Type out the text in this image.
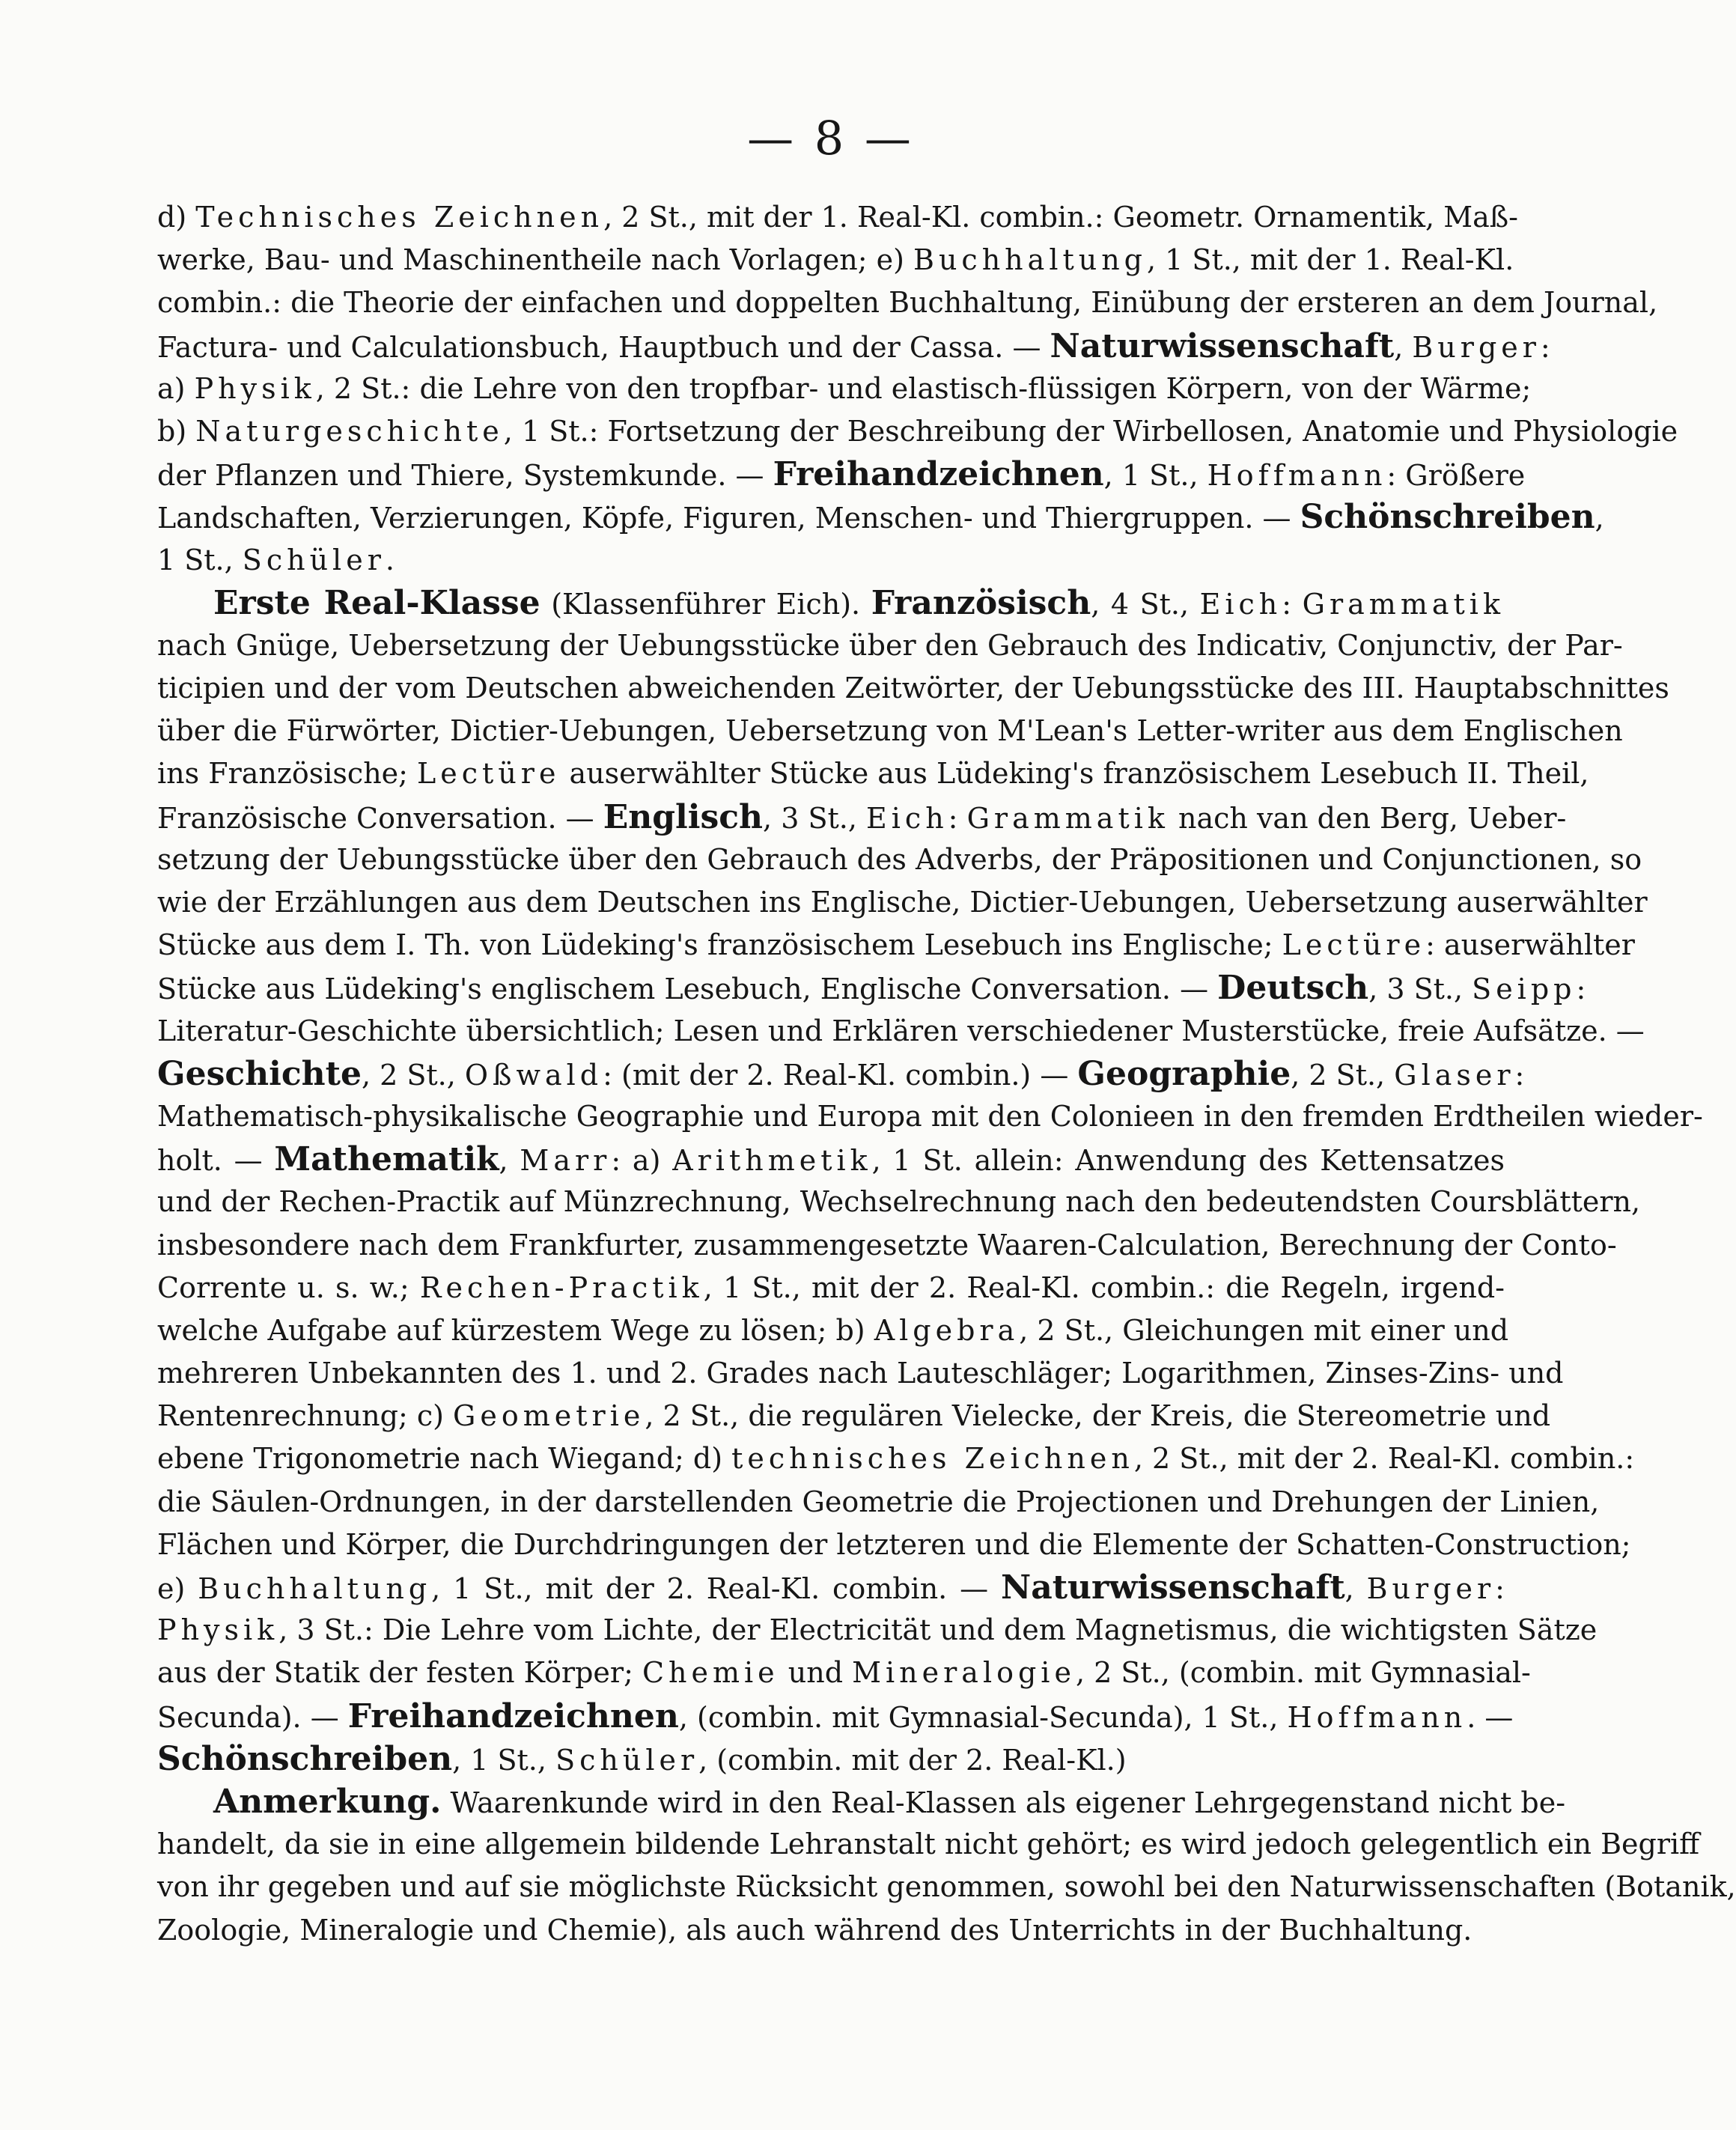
— 8 —
d) Technisches Zeichnen, 2 St., mit der 1. Real-Kl. combin.: Geometr. Ornamentik, Maß-
werke, Bau- und Maschinentheile nach Vorlagen; e) Buchhaltung, 1 St., mit der 1. Real-Kl.
combin.: die Theorie der einfachen und doppelten Buchhaltung, Einübung der ersteren an dem Journal,
Factura- und Calculationsbuch, Hauptbuch und der Cassa. — Naturwissenschaft, Burger:
a) Physik, 2 St.: die Lehre von den tropfbar- und elastisch-flüssigen Körpern, von der Wärme;
b) Naturgeschichte, 1 St.: Fortsetzung der Beschreibung der Wirbellosen, Anatomie und Physiologie
der Pflanzen und Thiere, Systemkunde. — Freihandzeichnen, 1 St., Hoffmann: Größere
Landschaften, Verzierungen, Köpfe, Figuren, Menschen- und Thiergruppen. — Schönschreiben,
1 St., Schüler.
Erste Real-Klasse (Klassenführer Eich). Französisch, 4 St., Eich: Grammatik
nach Gnüge, Uebersetzung der Uebungsstücke über den Gebrauch des Indicativ, Conjunctiv, der Par-
ticipien und der vom Deutschen abweichenden Zeitwörter, der Uebungsstücke des III. Hauptabschnittes
über die Fürwörter, Dictier-Uebungen, Uebersetzung von M'Lean's Letter-writer aus dem Englischen
ins Französische; Lectüre auserwählter Stücke aus Lüdeking's französischem Lesebuch II. Theil,
Französische Conversation. — Englisch, 3 St., Eich: Grammatik nach van den Berg, Ueber-
setzung der Uebungsstücke über den Gebrauch des Adverbs, der Präpositionen und Conjunctionen, so
wie der Erzählungen aus dem Deutschen ins Englische, Dictier-Uebungen, Uebersetzung auserwählter
Stücke aus dem I. Th. von Lüdeking's französischem Lesebuch ins Englische; Lectüre: auserwählter
Stücke aus Lüdeking's englischem Lesebuch, Englische Conversation. — Deutsch, 3 St., Seipp:
Literatur-Geschichte übersichtlich; Lesen und Erklären verschiedener Musterstücke, freie Aufsätze. —
Geschichte, 2 St., Oßwald: (mit der 2. Real-Kl. combin.) — Geographie, 2 St., Glaser:
Mathematisch-physikalische Geographie und Europa mit den Colonieen in den fremden Erdtheilen wieder-
holt. — Mathematik, Marr: a) Arithmetik, 1 St. allein: Anwendung des Kettensatzes
und der Rechen-Practik auf Münzrechnung, Wechselrechnung nach den bedeutendsten Coursblättern,
insbesondere nach dem Frankfurter, zusammengesetzte Waaren-Calculation, Berechnung der Conto-
Corrente u. s. w.; Rechen-Practik, 1 St., mit der 2. Real-Kl. combin.: die Regeln, irgend-
welche Aufgabe auf kürzestem Wege zu lösen; b) Algebra, 2 St., Gleichungen mit einer und
mehreren Unbekannten des 1. und 2. Grades nach Lauteschläger; Logarithmen, Zinses-Zins- und
Rentenrechnung; c) Geometrie, 2 St., die regulären Vielecke, der Kreis, die Stereometrie und
ebene Trigonometrie nach Wiegand; d) technisches Zeichnen, 2 St., mit der 2. Real-Kl. combin.:
die Säulen-Ordnungen, in der darstellenden Geometrie die Projectionen und Drehungen der Linien,
Flächen und Körper, die Durchdringungen der letzteren und die Elemente der Schatten-Construction;
e) Buchhaltung, 1 St., mit der 2. Real-Kl. combin. — Naturwissenschaft, Burger:
Physik, 3 St.: Die Lehre vom Lichte, der Electricität und dem Magnetismus, die wichtigsten Sätze
aus der Statik der festen Körper; Chemie und Mineralogie, 2 St., (combin. mit Gymnasial-
Secunda). — Freihandzeichnen, (combin. mit Gymnasial-Secunda), 1 St., Hoffmann. —
Schönschreiben, 1 St., Schüler, (combin. mit der 2. Real-Kl.)
Anmerkung. Waarenkunde wird in den Real-Klassen als eigener Lehrgegenstand nicht be-
handelt, da sie in eine allgemein bildende Lehranstalt nicht gehört; es wird jedoch gelegentlich ein Begriff
von ihr gegeben und auf sie möglichste Rücksicht genommen, sowohl bei den Naturwissenschaften (Botanik,
Zoologie, Mineralogie und Chemie), als auch während des Unterrichts in der Buchhaltung.
